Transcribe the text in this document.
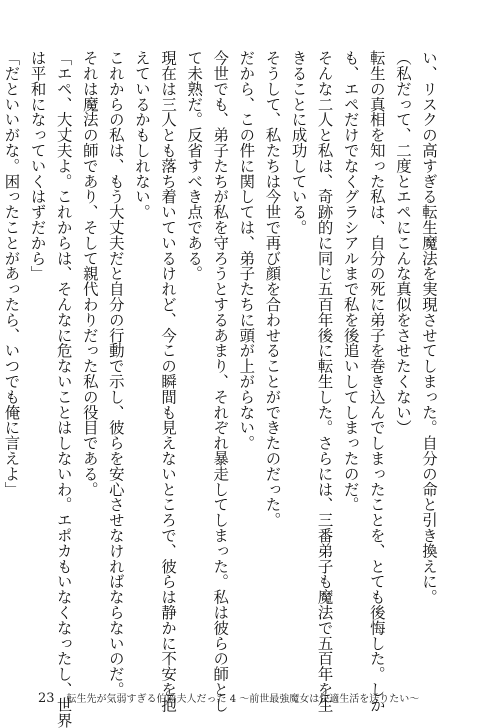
い、リスクの高すぎる転生魔法を実現させてしまった。自分の命と引き換えに。

（私だって、二度とエペにこんな真似をさせたくない）

転生の真相を知った私は、自分の死に弟子を巻き込んでしまったことを、とても後悔した。しか

も、エペだけでなくグラシアルまで私を後追いしてしまったのだ。

そんな二人と私は、奇跡的に同じ五百年後に転生した。さらには、三番弟子も魔法で五百年を生

きることに成功している。

そうして、私たちは今世で再び顔を合わせることができたのだった。

だから、この件に関しては、弟子たちに頭が上がらない。

今世でも、弟子たちが私を守ろうとするあまり、それぞれ暴走してしまった。私は彼らの師とし

て未熟だ。反省すべき点である。

現在は三人とも落ち着いているけれど、今この瞬間も見えないところで、彼らは静かに不安を抱

えているかもしれない。

これからの私は、もう大丈夫だと自分の行動で示し、彼らを安心させなければならないのだ。

それは魔法の師であり、そして親代わりだった私の役目である。

「エペ、大丈夫よ。これからは、そんなに危ないことはしないわ。エポカもいなくなったし、世界

は平和になっていくはずだから」

「だといいがな。困ったことがあったら、いつでも俺に言えよ」

23 転生先が気弱すぎる伯爵夫人だった 4 ～前世最強魔女は快適生活を送りたい～
